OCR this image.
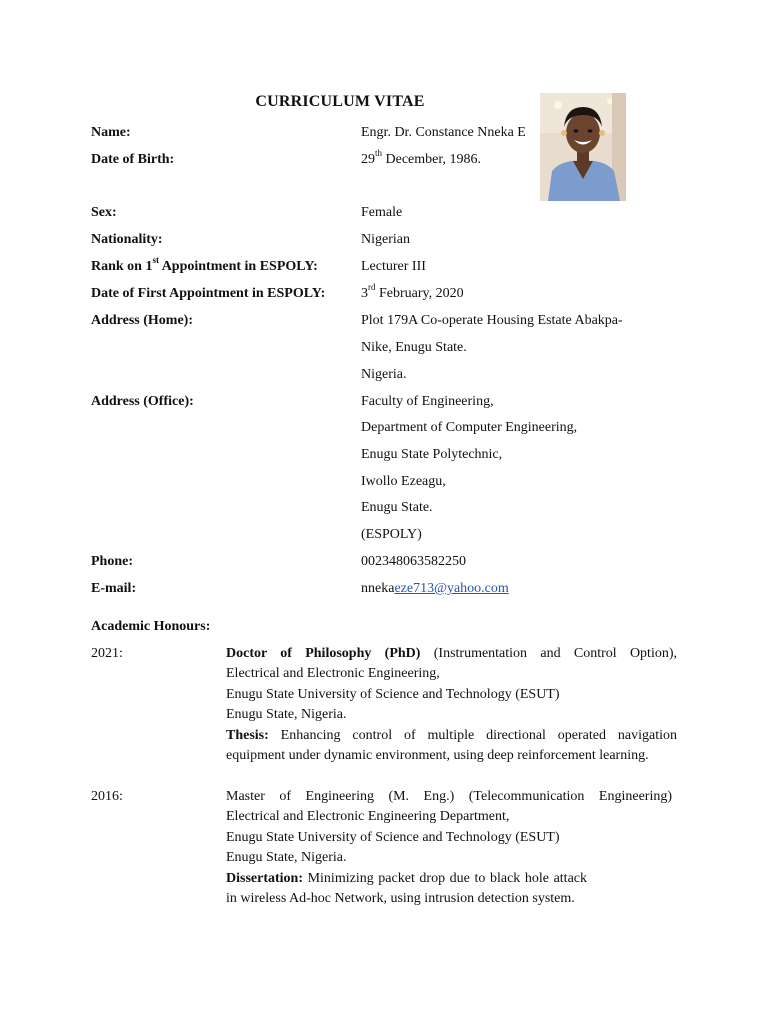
CURRICULUM VITAE
Name:	Engr. Dr. Constance Nneka E
Date of Birth:	29th December, 1986.
Sex:	Female
Nationality:	Nigerian
Rank on 1st Appointment in ESPOLY:	Lecturer III
Date of First Appointment in ESPOLY:	3rd February, 2020
Address (Home):	Plot 179A Co-operate Housing Estate Abakpa-
Nike, Enugu State.
Nigeria.
Address (Office):	Faculty of Engineering,
Department of Computer Engineering,
Enugu State Polytechnic,
Iwollo Ezeagu,
Enugu State.
(ESPOLY)
Phone:	002348063582250
E-mail:	nnekaeze713@yahoo.com
Academic Honours:
2021:	Doctor of Philosophy (PhD) (Instrumentation and Control Option),

Electrical and Electronic Engineering,

Enugu State University of Science and Technology (ESUT)

Enugu State, Nigeria.

Thesis: Enhancing control of multiple directional operated navigation equipment under dynamic environment, using deep reinforcement learning.

2016:	Master of Engineering (M. Eng.) (Telecommunication Engineering)

Electrical and Electronic Engineering Department,

Enugu State University of Science and Technology (ESUT)

Enugu State, Nigeria.

Dissertation: Minimizing packet drop due to black hole attack in wireless Ad-hoc Network, using intrusion detection system.
